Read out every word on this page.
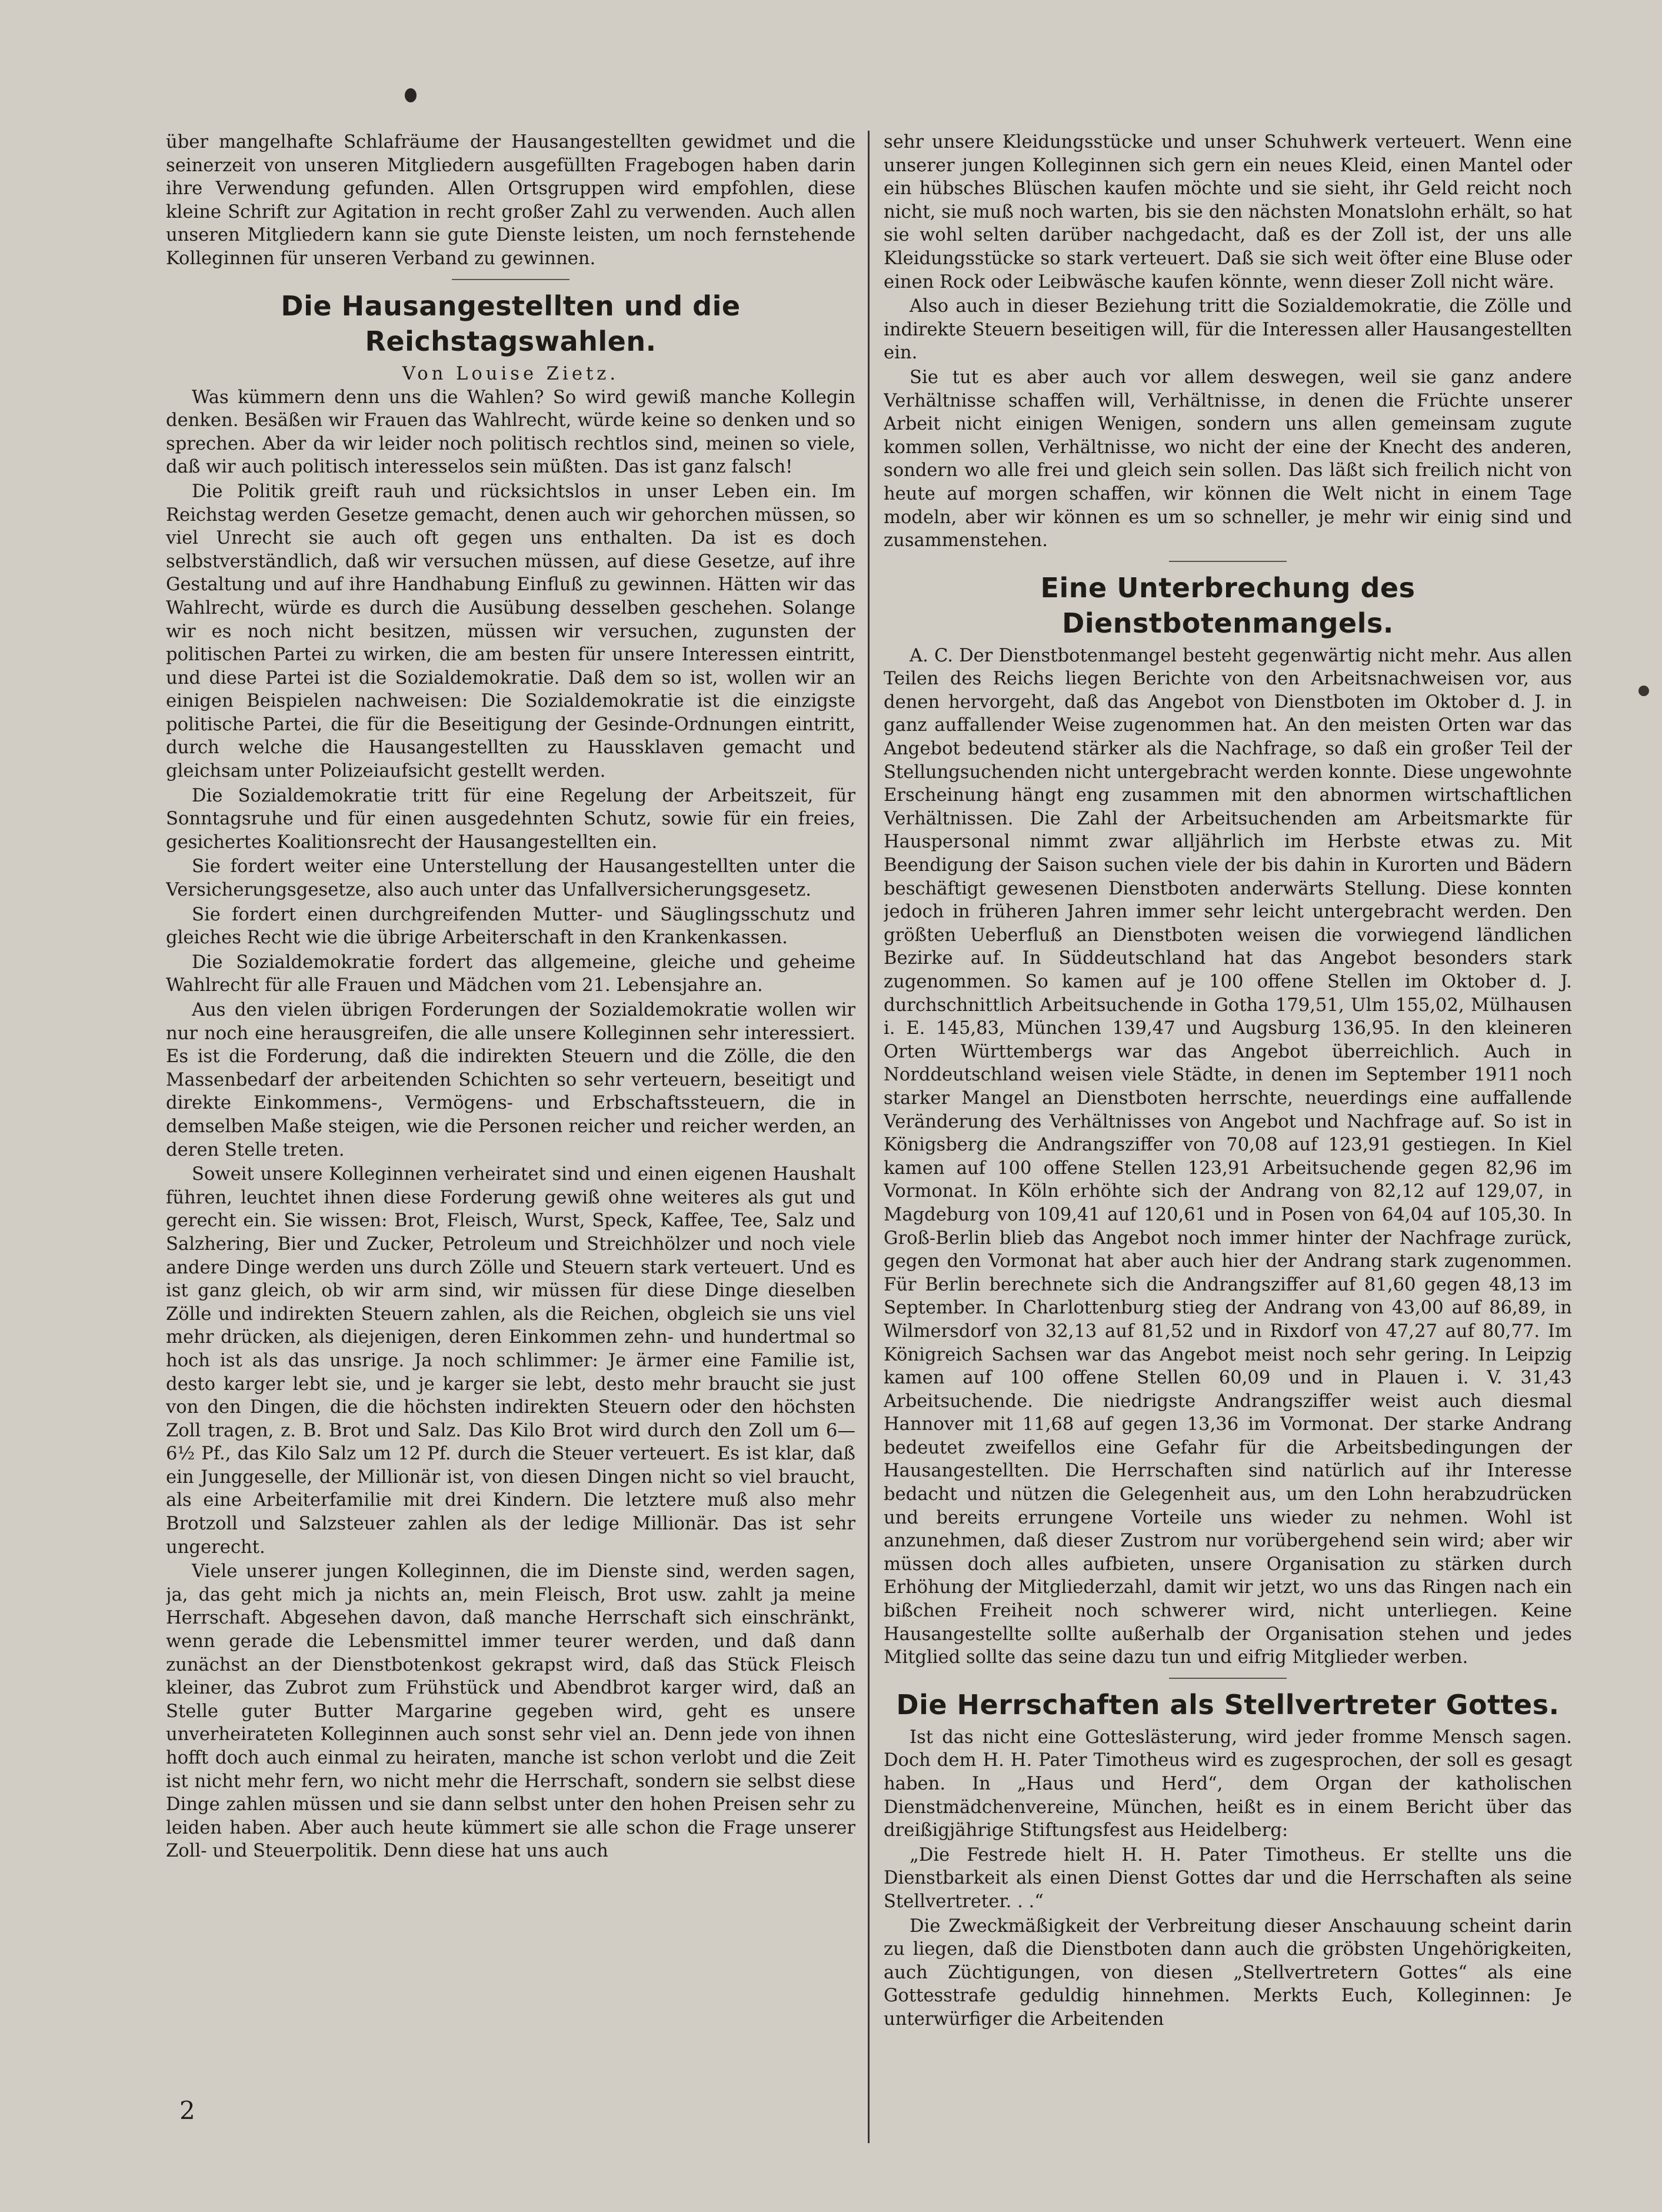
über mangelhafte Schlafräume der Hausangestellten gewidmet und die seinerzeit von unseren Mitgliedern ausgefüllten Fragebogen haben darin ihre Verwendung gefunden. Allen Ortsgruppen wird empfohlen, diese kleine Schrift zur Agitation in recht großer Zahl zu verwenden. Auch allen unseren Mitgliedern kann sie gute Dienste leisten, um noch fernstehende Kolleginnen für unseren Verband zu gewinnen.

Die Hausangestellten und die Reichstagswahlen.
Von Louise Zietz.

Was kümmern denn uns die Wahlen? So wird gewiß manche Kollegin denken. Besäßen wir Frauen das Wahlrecht, würde keine so denken und so sprechen. Aber da wir leider noch politisch rechtlos sind, meinen so viele, daß wir auch politisch interesselos sein müßten. Das ist ganz falsch!

Die Politik greift rauh und rücksichtslos in unser Leben ein. Im Reichstag werden Gesetze gemacht, denen auch wir gehorchen müssen, so viel Unrecht sie auch oft gegen uns enthalten. Da ist es doch selbstverständlich, daß wir versuchen müssen, auf diese Gesetze, auf ihre Gestaltung und auf ihre Handhabung Einfluß zu gewinnen. Hätten wir das Wahlrecht, würde es durch die Ausübung desselben geschehen. Solange wir es noch nicht besitzen, müssen wir versuchen, zugunsten der politischen Partei zu wirken, die am besten für unsere Interessen eintritt, und diese Partei ist die Sozialdemokratie. Daß dem so ist, wollen wir an einigen Beispielen nachweisen: Die Sozialdemokratie ist die einzigste politische Partei, die für die Beseitigung der Gesinde-Ordnungen eintritt, durch welche die Hausangestellten zu Haussklaven gemacht und gleichsam unter Polizeiaufsicht gestellt werden.

Die Sozialdemokratie tritt für eine Regelung der Arbeitszeit, für Sonntagsruhe und für einen ausgedehnten Schutz, sowie für ein freies, gesichertes Koalitionsrecht der Hausangestellten ein.

Sie fordert weiter eine Unterstellung der Hausangestellten unter die Versicherungsgesetze, also auch unter das Unfallversicherungsgesetz.

Sie fordert einen durchgreifenden Mutter- und Säuglingsschutz und gleiches Recht wie die übrige Arbeiterschaft in den Krankenkassen.

Die Sozialdemokratie fordert das allgemeine, gleiche und geheime Wahlrecht für alle Frauen und Mädchen vom 21. Lebensjahre an.

Aus den vielen übrigen Forderungen der Sozialdemokratie wollen wir nur noch eine herausgreifen, die alle unsere Kolleginnen sehr interessiert. Es ist die Forderung, daß die indirekten Steuern und die Zölle, die den Massenbedarf der arbeitenden Schichten so sehr verteuern, beseitigt und direkte Einkommens-, Vermögens- und Erbschaftssteuern, die in demselben Maße steigen, wie die Personen reicher und reicher werden, an deren Stelle treten.

Soweit unsere Kolleginnen verheiratet sind und einen eigenen Haushalt führen, leuchtet ihnen diese Forderung gewiß ohne weiteres als gut und gerecht ein. Sie wissen: Brot, Fleisch, Wurst, Speck, Kaffee, Tee, Salz und Salzhering, Bier und Zucker, Petroleum und Streichhölzer und noch viele andere Dinge werden uns durch Zölle und Steuern stark verteuert. Und es ist ganz gleich, ob wir arm sind, wir müssen für diese Dinge dieselben Zölle und indirekten Steuern zahlen, als die Reichen, obgleich sie uns viel mehr drücken, als diejenigen, deren Einkommen zehn- und hundertmal so hoch ist als das unsrige. Ja noch schlimmer: Je ärmer eine Familie ist, desto karger lebt sie, und je karger sie lebt, desto mehr braucht sie just von den Dingen, die die höchsten indirekten Steuern oder den höchsten Zoll tragen, z. B. Brot und Salz. Das Kilo Brot wird durch den Zoll um 6—6½ Pf., das Kilo Salz um 12 Pf. durch die Steuer verteuert. Es ist klar, daß ein Junggeselle, der Millionär ist, von diesen Dingen nicht so viel braucht, als eine Arbeiterfamilie mit drei Kindern. Die letztere muß also mehr Brotzoll und Salzsteuer zahlen als der ledige Millionär. Das ist sehr ungerecht.

Viele unserer jungen Kolleginnen, die im Dienste sind, werden sagen, ja, das geht mich ja nichts an, mein Fleisch, Brot usw. zahlt ja meine Herrschaft. Abgesehen davon, daß manche Herrschaft sich einschränkt, wenn gerade die Lebensmittel immer teurer werden, und daß dann zunächst an der Dienstbotenkost gekrapst wird, daß das Stück Fleisch kleiner, das Zubrot zum Frühstück und Abendbrot karger wird, daß an Stelle guter Butter Margarine gegeben wird, geht es unsere unverheirateten Kolleginnen auch sonst sehr viel an. Denn jede von ihnen hofft doch auch einmal zu heiraten, manche ist schon verlobt und die Zeit ist nicht mehr fern, wo nicht mehr die Herrschaft, sondern sie selbst diese Dinge zahlen müssen und sie dann selbst unter den hohen Preisen sehr zu leiden haben. Aber auch heute kümmert sie alle schon die Frage unserer Zoll- und Steuerpolitik. Denn diese hat uns auch

sehr unsere Kleidungsstücke und unser Schuhwerk verteuert. Wenn eine unserer jungen Kolleginnen sich gern ein neues Kleid, einen Mantel oder ein hübsches Blüschen kaufen möchte und sie sieht, ihr Geld reicht noch nicht, sie muß noch warten, bis sie den nächsten Monatslohn erhält, so hat sie wohl selten darüber nachgedacht, daß es der Zoll ist, der uns alle Kleidungsstücke so stark verteuert. Daß sie sich weit öfter eine Bluse oder einen Rock oder Leibwäsche kaufen könnte, wenn dieser Zoll nicht wäre.

Also auch in dieser Beziehung tritt die Sozialdemokratie, die Zölle und indirekte Steuern beseitigen will, für die Interessen aller Hausangestellten ein.

Sie tut es aber auch vor allem deswegen, weil sie ganz andere Verhältnisse schaffen will, Verhältnisse, in denen die Früchte unserer Arbeit nicht einigen Wenigen, sondern uns allen gemeinsam zugute kommen sollen, Verhältnisse, wo nicht der eine der Knecht des anderen, sondern wo alle frei und gleich sein sollen. Das läßt sich freilich nicht von heute auf morgen schaffen, wir können die Welt nicht in einem Tage modeln, aber wir können es um so schneller, je mehr wir einig sind und zusammenstehen.

Eine Unterbrechung des Dienstbotenmangels.

A. C. Der Dienstbotenmangel besteht gegenwärtig nicht mehr. Aus allen Teilen des Reichs liegen Berichte von den Arbeitsnachweisen vor, aus denen hervorgeht, daß das Angebot von Dienstboten im Oktober d. J. in ganz auffallender Weise zugenommen hat. An den meisten Orten war das Angebot bedeutend stärker als die Nachfrage, so daß ein großer Teil der Stellungsuchenden nicht untergebracht werden konnte. Diese ungewohnte Erscheinung hängt eng zusammen mit den abnormen wirtschaftlichen Verhältnissen. Die Zahl der Arbeitsuchenden am Arbeitsmarkte für Hauspersonal nimmt zwar alljährlich im Herbste etwas zu. Mit Beendigung der Saison suchen viele der bis dahin in Kurorten und Bädern beschäftigt gewesenen Dienstboten anderwärts Stellung. Diese konnten jedoch in früheren Jahren immer sehr leicht untergebracht werden. Den größten Ueberfluß an Dienstboten weisen die vorwiegend ländlichen Bezirke auf. In Süddeutschland hat das Angebot besonders stark zugenommen. So kamen auf je 100 offene Stellen im Oktober d. J. durchschnittlich Arbeitsuchende in Gotha 179,51, Ulm 155,02, Mülhausen i. E. 145,83, München 139,47 und Augsburg 136,95. In den kleineren Orten Württembergs war das Angebot überreichlich. Auch in Norddeutschland weisen viele Städte, in denen im September 1911 noch starker Mangel an Dienstboten herrschte, neuerdings eine auffallende Veränderung des Verhältnisses von Angebot und Nachfrage auf. So ist in Königsberg die Andrangsziffer von 70,08 auf 123,91 gestiegen. In Kiel kamen auf 100 offene Stellen 123,91 Arbeitsuchende gegen 82,96 im Vormonat. In Köln erhöhte sich der Andrang von 82,12 auf 129,07, in Magdeburg von 109,41 auf 120,61 und in Posen von 64,04 auf 105,30. In Groß-Berlin blieb das Angebot noch immer hinter der Nachfrage zurück, gegen den Vormonat hat aber auch hier der Andrang stark zugenommen. Für Berlin berechnete sich die Andrangsziffer auf 81,60 gegen 48,13 im September. In Charlottenburg stieg der Andrang von 43,00 auf 86,89, in Wilmersdorf von 32,13 auf 81,52 und in Rixdorf von 47,27 auf 80,77. Im Königreich Sachsen war das Angebot meist noch sehr gering. In Leipzig kamen auf 100 offene Stellen 60,09 und in Plauen i. V. 31,43 Arbeitsuchende. Die niedrigste Andrangsziffer weist auch diesmal Hannover mit 11,68 auf gegen 13,36 im Vormonat. Der starke Andrang bedeutet zweifellos eine Gefahr für die Arbeitsbedingungen der Hausangestellten. Die Herrschaften sind natürlich auf ihr Interesse bedacht und nützen die Gelegenheit aus, um den Lohn herabzudrücken und bereits errungene Vorteile uns wieder zu nehmen. Wohl ist anzunehmen, daß dieser Zustrom nur vorübergehend sein wird; aber wir müssen doch alles aufbieten, unsere Organisation zu stärken durch Erhöhung der Mitgliederzahl, damit wir jetzt, wo uns das Ringen nach ein bißchen Freiheit noch schwerer wird, nicht unterliegen. Keine Hausangestellte sollte außerhalb der Organisation stehen und jedes Mitglied sollte das seine dazu tun und eifrig Mitglieder werben.

Die Herrschaften als Stellvertreter Gottes.

Ist das nicht eine Gotteslästerung, wird jeder fromme Mensch sagen. Doch dem H. H. Pater Timotheus wird es zugesprochen, der soll es gesagt haben. In „Haus und Herd“, dem Organ der katholischen Dienstmädchenvereine, München, heißt es in einem Bericht über das dreißigjährige Stiftungsfest aus Heidelberg:

„Die Festrede hielt H. H. Pater Timotheus. Er stellte uns die Dienstbarkeit als einen Dienst Gottes dar und die Herrschaften als seine Stellvertreter. . .“

Die Zweckmäßigkeit der Verbreitung dieser Anschauung scheint darin zu liegen, daß die Dienstboten dann auch die gröbsten Ungehörigkeiten, auch Züchtigungen, von diesen „Stellvertretern Gottes“ als eine Gottesstrafe geduldig hinnehmen. Merkts Euch, Kolleginnen: Je unterwürfiger die Arbeitenden

2
